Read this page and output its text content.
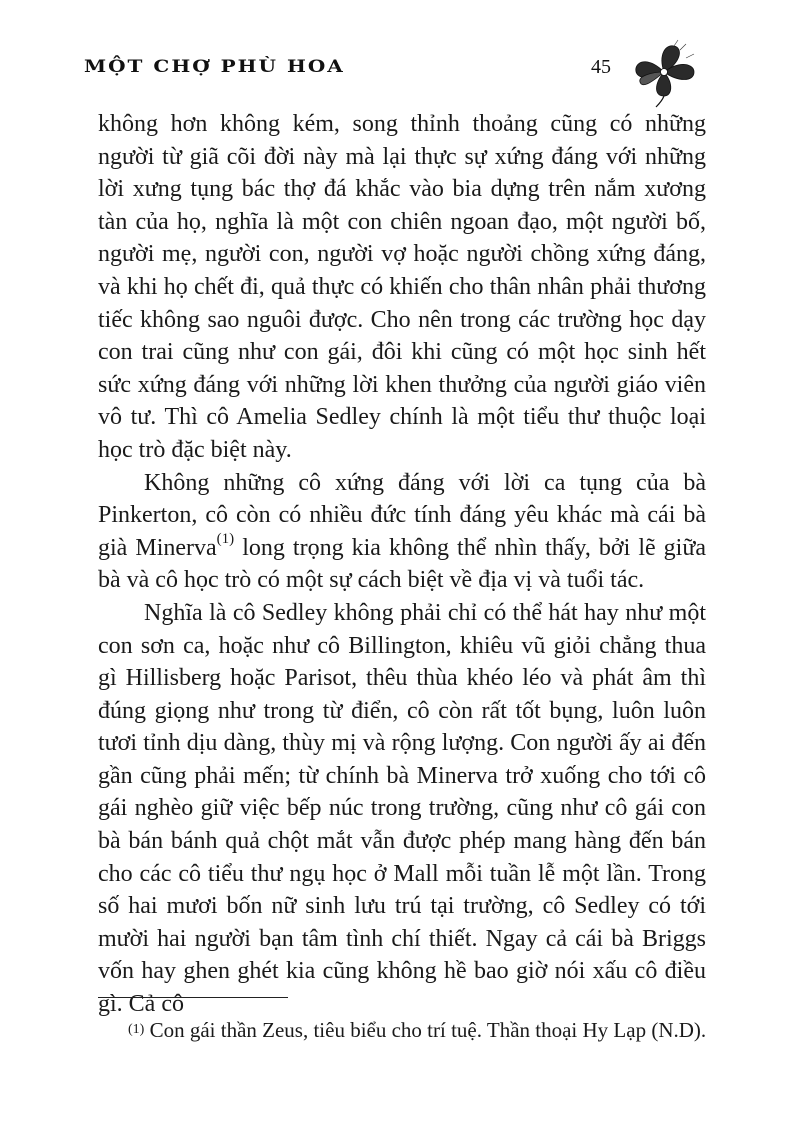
MỘT CHỢ PHÙ HOA	45

không hơn không kém, song thỉnh thoảng cũng có những người từ giã cõi đời này mà lại thực sự xứng đáng với những lời xưng tụng bác thợ đá khắc vào bia dựng trên nắm xương tàn của họ, nghĩa là một con chiên ngoan đạo, một người bố, người mẹ, người con, người vợ hoặc người chồng xứng đáng, và khi họ chết đi, quả thực có khiến cho thân nhân phải thương tiếc không sao nguôi được. Cho nên trong các trường học dạy con trai cũng như con gái, đôi khi cũng có một học sinh hết sức xứng đáng với những lời khen thưởng của người giáo viên vô tư. Thì cô Amelia Sedley chính là một tiểu thư thuộc loại học trò đặc biệt này.

Không những cô xứng đáng với lời ca tụng của bà Pinkerton, cô còn có nhiều đức tính đáng yêu khác mà cái bà già Minerva$^{(1)}$ long trọng kia không thể nhìn thấy, bởi lẽ giữa bà và cô học trò có một sự cách biệt về địa vị và tuổi tác.

Nghĩa là cô Sedley không phải chỉ có thể hát hay như một con sơn ca, hoặc như cô Billington, khiêu vũ giỏi chẳng thua gì Hillisberg hoặc Parisot, thêu thùa khéo léo và phát âm thì đúng giọng như trong từ điển, cô còn rất tốt bụng, luôn luôn tươi tỉnh dịu dàng, thùy mị và rộng lượng. Con người ấy ai đến gần cũng phải mến; từ chính bà Minerva trở xuống cho tới cô gái nghèo giữ việc bếp núc trong trường, cũng như cô gái con bà bán bánh quả chột mắt vẫn được phép mang hàng đến bán cho các cô tiểu thư ngụ học ở Mall mỗi tuần lễ một lần. Trong số hai mươi bốn nữ sinh lưu trú tại trường, cô Sedley có tới mười hai người bạn tâm tình chí thiết. Ngay cả cái bà Briggs vốn hay ghen ghét kia cũng không hề bao giờ nói xấu cô điều gì. Cả cô

$^{(1)}$ Con gái thần Zeus, tiêu biểu cho trí tuệ. Thần thoại Hy Lạp (N.D).
